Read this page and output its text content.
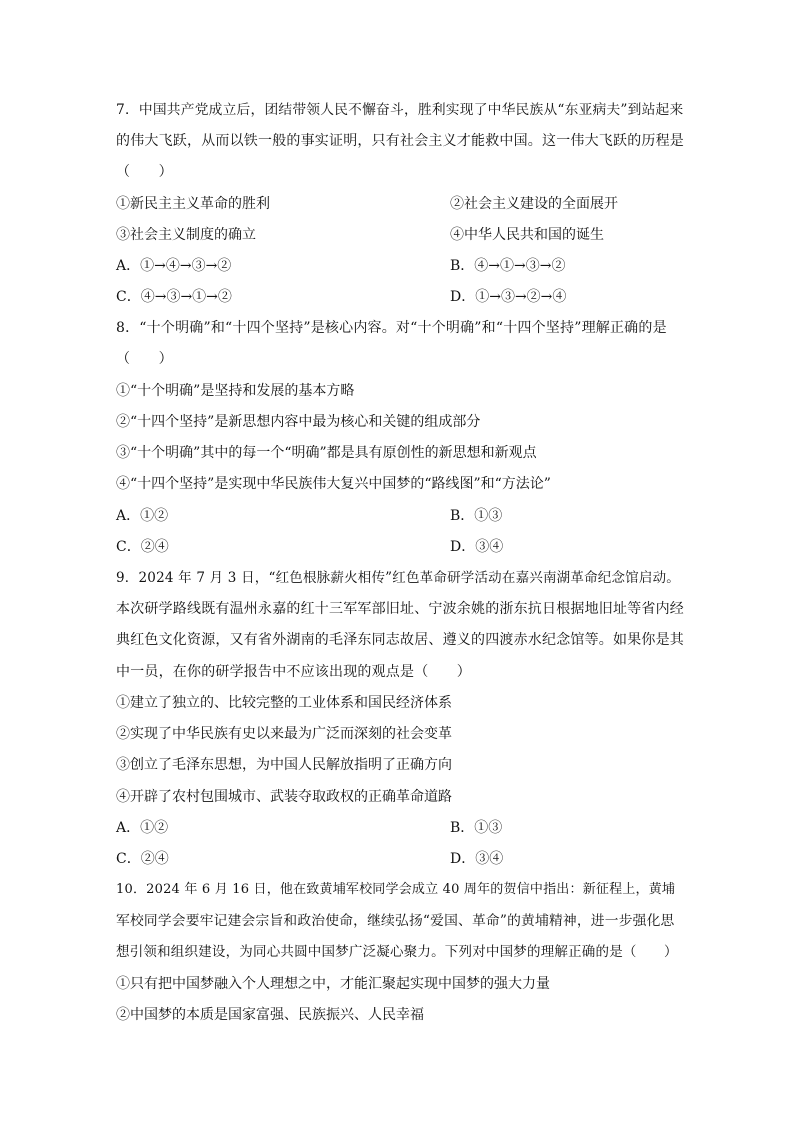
7．中国共产党成立后，团结带领人民不懈奋斗，胜利实现了中华民族从“东亚病夫”到站起来
的伟大飞跃，从而以铁一般的事实证明，只有社会主义才能救中国。这一伟大飞跃的历程是
（　　）
①新民主主义革命的胜利	②社会主义建设的全面展开
③社会主义制度的确立	④中华人民共和国的诞生
A．①→④→③→②	B．④→①→③→②
C．④→③→①→②	D．①→③→②→④
8．“十个明确”和“十四个坚持”是核心内容。对“十个明确”和“十四个坚持”理解正确的是
（　　）
①“十个明确”是坚持和发展的基本方略
②“十四个坚持”是新思想内容中最为核心和关键的组成部分
③“十个明确”其中的每一个“明确”都是具有原创性的新思想和新观点
④“十四个坚持”是实现中华民族伟大复兴中国梦的“路线图”和“方法论”
A．①②	B．①③
C．②④	D．③④
9．2024 年 7 月 3 日，“红色根脉薪火相传”红色革命研学活动在嘉兴南湖革命纪念馆启动。
本次研学路线既有温州永嘉的红十三军军部旧址、宁波余姚的浙东抗日根据地旧址等省内经
典红色文化资源，又有省外湖南的毛泽东同志故居、遵义的四渡赤水纪念馆等。如果你是其
中一员，在你的研学报告中不应该出现的观点是（　　）
①建立了独立的、比较完整的工业体系和国民经济体系
②实现了中华民族有史以来最为广泛而深刻的社会变革
③创立了毛泽东思想，为中国人民解放指明了正确方向
④开辟了农村包围城市、武装夺取政权的正确革命道路
A．①②	B．①③
C．②④	D．③④
10．2024 年 6 月 16 日，他在致黄埔军校同学会成立 40 周年的贺信中指出：新征程上，黄埔
军校同学会要牢记建会宗旨和政治使命，继续弘扬“爱国、革命”的黄埔精神，进一步强化思
想引领和组织建设，为同心共圆中国梦广泛凝心聚力。下列对中国梦的理解正确的是（　　）
①只有把中国梦融入个人理想之中，才能汇聚起实现中国梦的强大力量
②中国梦的本质是国家富强、民族振兴、人民幸福
